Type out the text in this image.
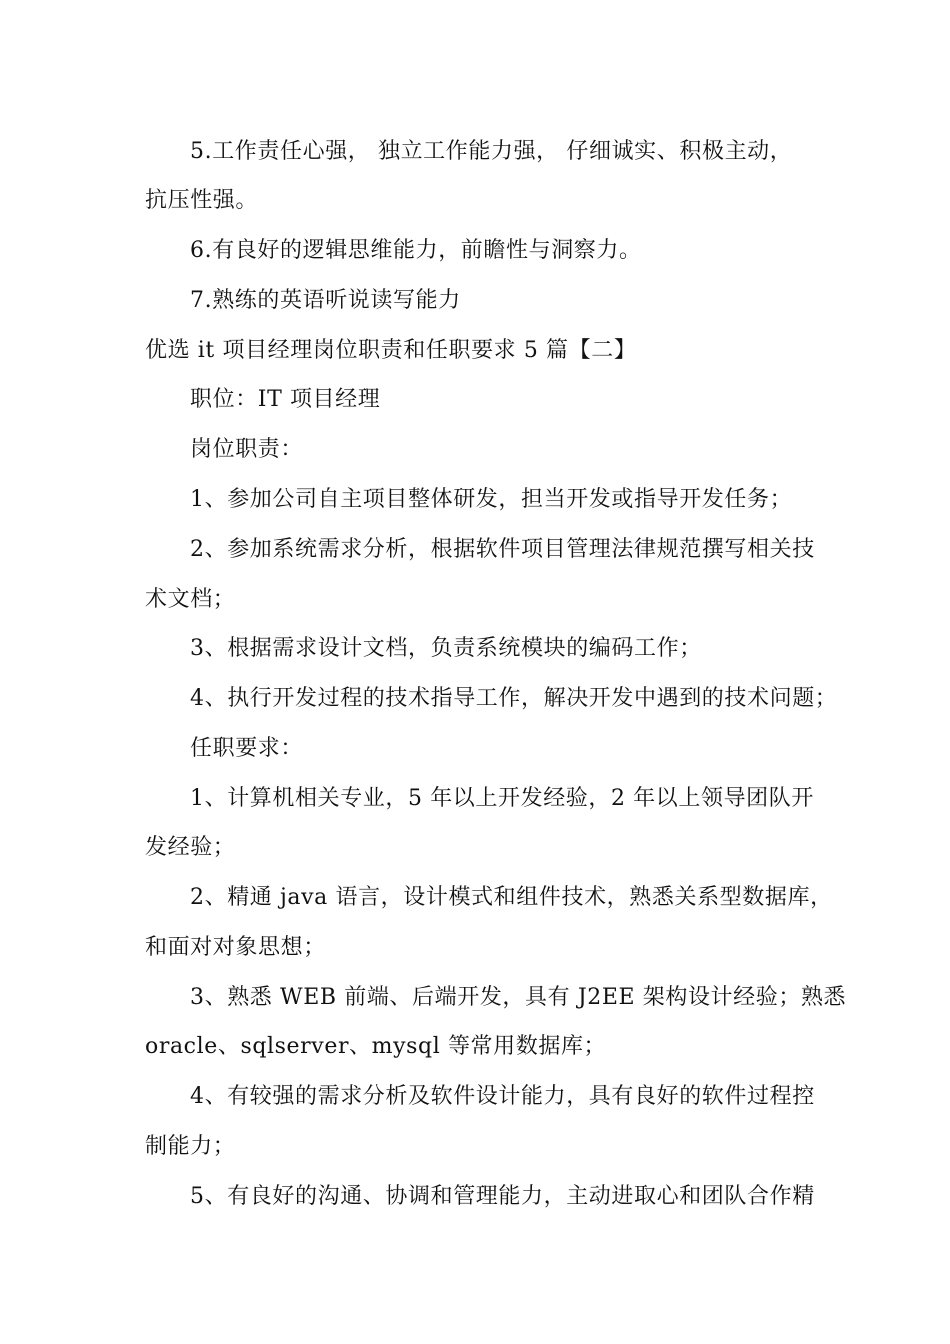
5.工作责任心强， 独立工作能力强， 仔细诚实、积极主动，
抗压性强。
6.有良好的逻辑思维能力，前瞻性与洞察力。
7.熟练的英语听说读写能力
优选 it 项目经理岗位职责和任职要求 5 篇【二】
职位：IT 项目经理
岗位职责：
1、参加公司自主项目整体研发，担当开发或指导开发任务；
2、参加系统需求分析，根据软件项目管理法律规范撰写相关技
术文档；
3、根据需求设计文档，负责系统模块的编码工作；
4、执行开发过程的技术指导工作，解决开发中遇到的技术问题；
任职要求：
1、计算机相关专业，5 年以上开发经验，2 年以上领导团队开
发经验；
2、精通 java 语言，设计模式和组件技术，熟悉关系型数据库，
和面对对象思想；
3、熟悉 WEB 前端、后端开发，具有 J2EE 架构设计经验；熟悉
oracle、sqlserver、mysql 等常用数据库；
4、有较强的需求分析及软件设计能力，具有良好的软件过程控
制能力；
5、有良好的沟通、协调和管理能力，主动进取心和团队合作精
